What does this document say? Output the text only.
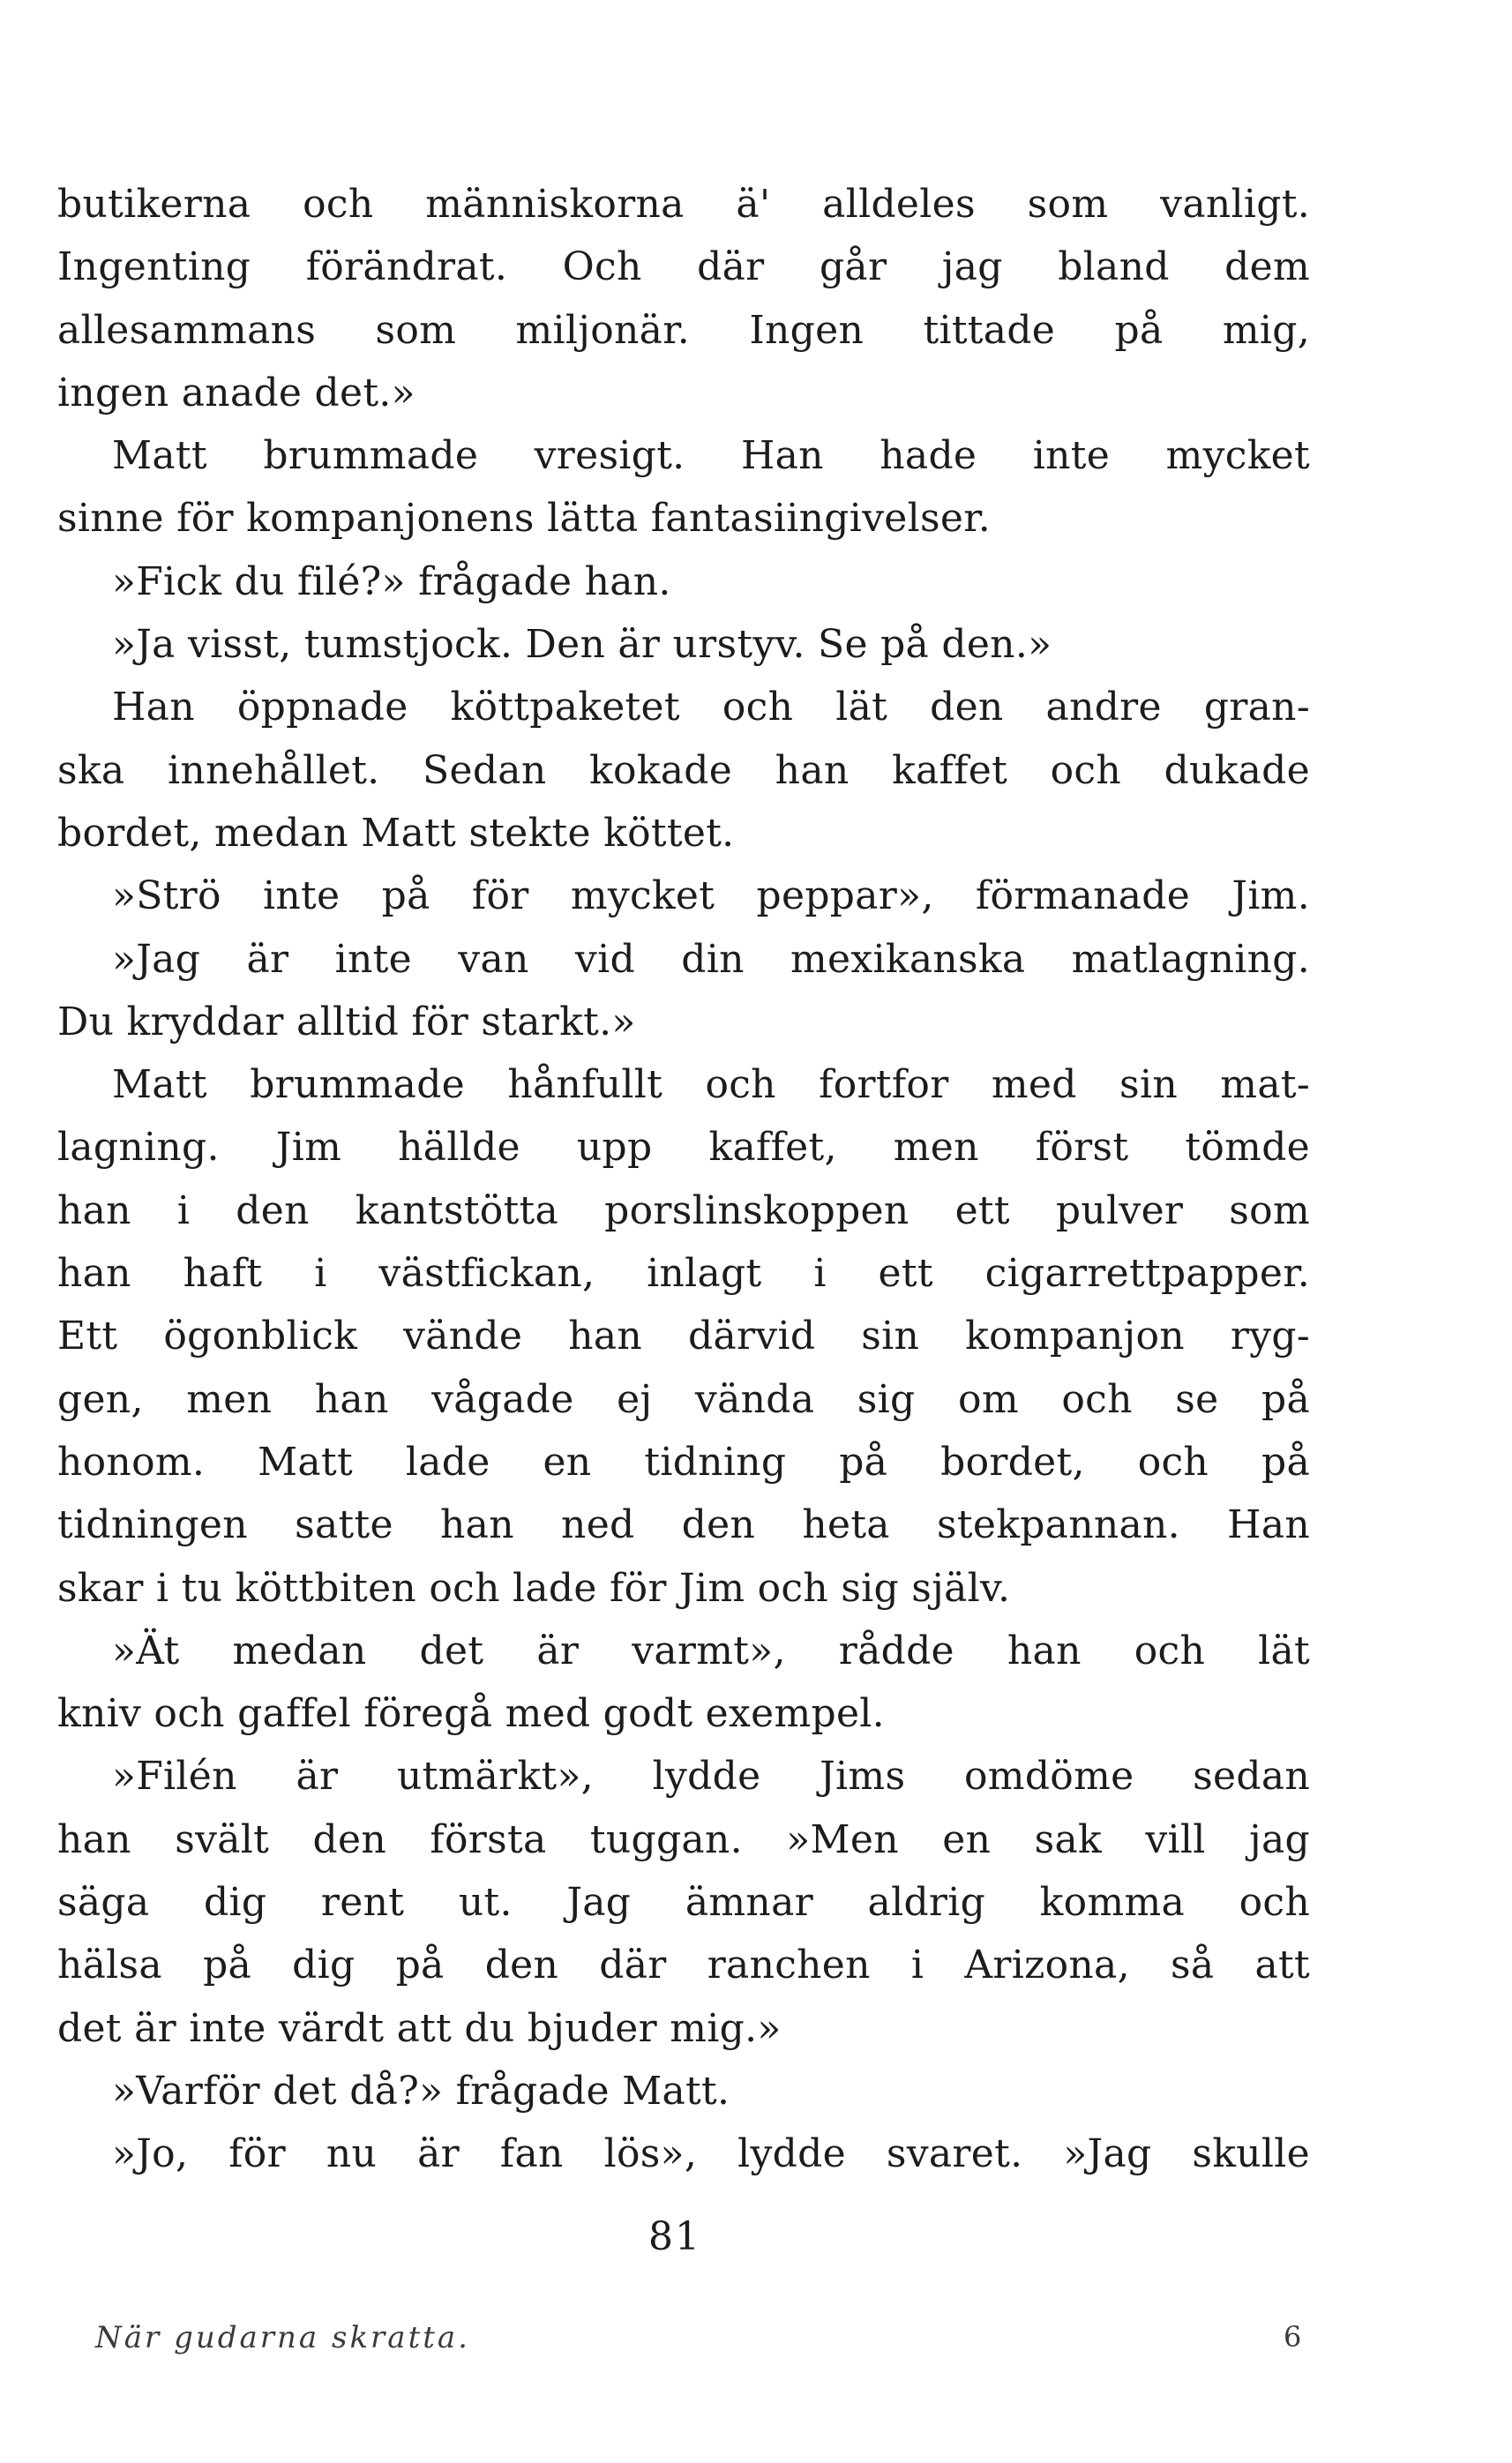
butikerna och människorna ä' alldeles som vanligt.
Ingenting förändrat. Och där går jag bland dem
allesammans som miljonär. Ingen tittade på mig,
ingen anade det.»
Matt brummade vresigt. Han hade inte mycket
sinne för kompanjonens lätta fantasiingivelser.
»Fick du filé?» frågade han.
»Ja visst, tumstjock. Den är urstyv. Se på den.»
Han öppnade köttpaketet och lät den andre gran-
ska innehållet. Sedan kokade han kaffet och dukade
bordet, medan Matt stekte köttet.
»Strö inte på för mycket peppar», förmanade Jim.
»Jag är inte van vid din mexikanska matlagning.
Du kryddar alltid för starkt.»
Matt brummade hånfullt och fortfor med sin mat-
lagning. Jim hällde upp kaffet, men först tömde
han i den kantstötta porslinskoppen ett pulver som
han haft i västfickan, inlagt i ett cigarrettpapper.
Ett ögonblick vände han därvid sin kompanjon ryg-
gen, men han vågade ej vända sig om och se på
honom. Matt lade en tidning på bordet, och på
tidningen satte han ned den heta stekpannan. Han
skar i tu köttbiten och lade för Jim och sig själv.
»Ät medan det är varmt», rådde han och lät
kniv och gaffel föregå med godt exempel.
»Filén är utmärkt», lydde Jims omdöme sedan
han svält den första tuggan. »Men en sak vill jag
säga dig rent ut. Jag ämnar aldrig komma och
hälsa på dig på den där ranchen i Arizona, så att
det är inte värdt att du bjuder mig.»
»Varför det då?» frågade Matt.
»Jo, för nu är fan lös», lydde svaret. »Jag skulle
81
När gudarna skratta.	6
